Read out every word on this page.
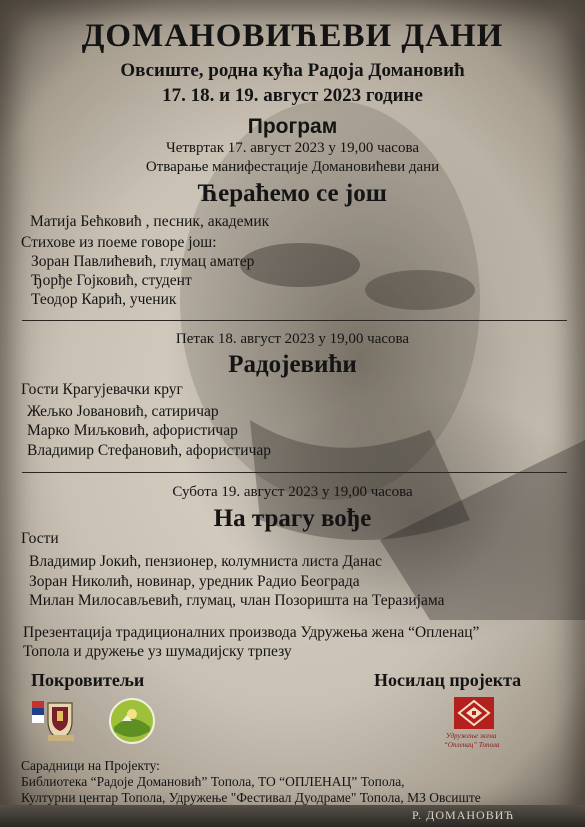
ДОМАНОВИЋЕВИ ДАНИ
Овсиште, родна кућа Радоја Домановић
17. 18. и 19. август 2023 године
Програм
Четвртак 17. август 2023 у 19,00 часова
Отварање манифестације Домановићеви дани
Ћераћемо се још
Матија Бећковић , песник, академик
Стихове из поеме говоре још:
Зоран Павлићевић, глумац аматер
Ђорђе Гојковић, студент
Теодор Карић, ученик
Петак 18. август 2023 у 19,00 часова
Радојевићи
Гости Крагујевачки круг
Жељко Јовановић, сатиричар
Марко Миљковић, афористичар
Владимир Стефановић, афористичар
Субота 19. август 2023 у 19,00 часова
На трагу вође
Гости
Владимир Јокић, пензионер, колумниста листа Данас
Зоран Николић, новинар, уредник Радио Београда
Милан Милосављевић, глумац, члан Позоришта на Теразијама
Презентација традиционалних производа Удружења жена “Опленац”
Топола и дружење уз шумадијску трпезу
Покровитељи	Носилац пројекта
Удружење жена
“Опленац” Топола
Сарадници на Пројекту:
Библиотека “Радоје Домановић” Топола, ТО “ОПЛЕНАЦ” Топола,
Културни центар Топола, Удружење "Фестивал Дуодраме" Топола, МЗ Овсиште
Р. ДОМАНОВИЋ
